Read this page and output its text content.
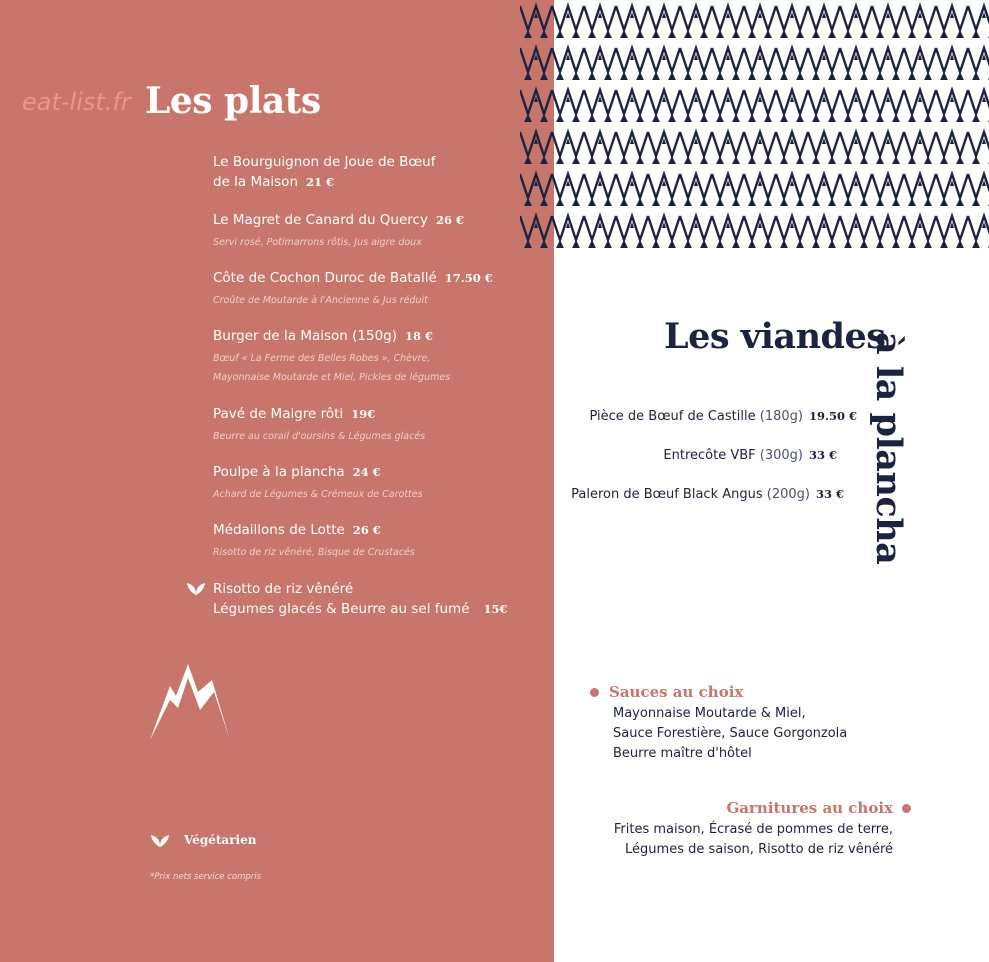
eat-list.fr Les plats
Le Bourguignon de Joue de Bœuf
de la Maison 21 €
Le Magret de Canard du Quercy 26 €
Servi rosé, Potimarrons rôtis, Jus aigre doux
Côte de Cochon Duroc de Batallé 17.50 €
Croûte de Moutarde à l'Ancienne & Jus réduit
Burger de la Maison (150g) 18 €
Bœuf « La Ferme des Belles Robes », Chèvre,
Mayonnaise Moutarde et Miel, Pickles de légumes
Pavé de Maigre rôti 19€
Beurre au corail d'oursins & Légumes glacés
Poulpe à la plancha 24 €
Achard de Légumes & Crémeux de Carottes
Médaillons de Lotte 26 €
Risotto de riz vênéré, Bisque de Crustacés
Risotto de riz vênéré
Légumes glacés & Beurre au sel fumé 15€
Végétarien
*Prix nets service compris
Les viandes
à la plancha
Pièce de Bœuf de Castille (180g) 19.50 €
Entrecôte VBF (300g) 33 €
Paleron de Bœuf Black Angus (200g) 33 €
Sauces au choix
Mayonnaise Moutarde & Miel,
Sauce Forestière, Sauce Gorgonzola
Beurre maître d'hôtel
Garnitures au choix
Frites maison, Écrasé de pommes de terre,
Légumes de saison, Risotto de riz vênéré
